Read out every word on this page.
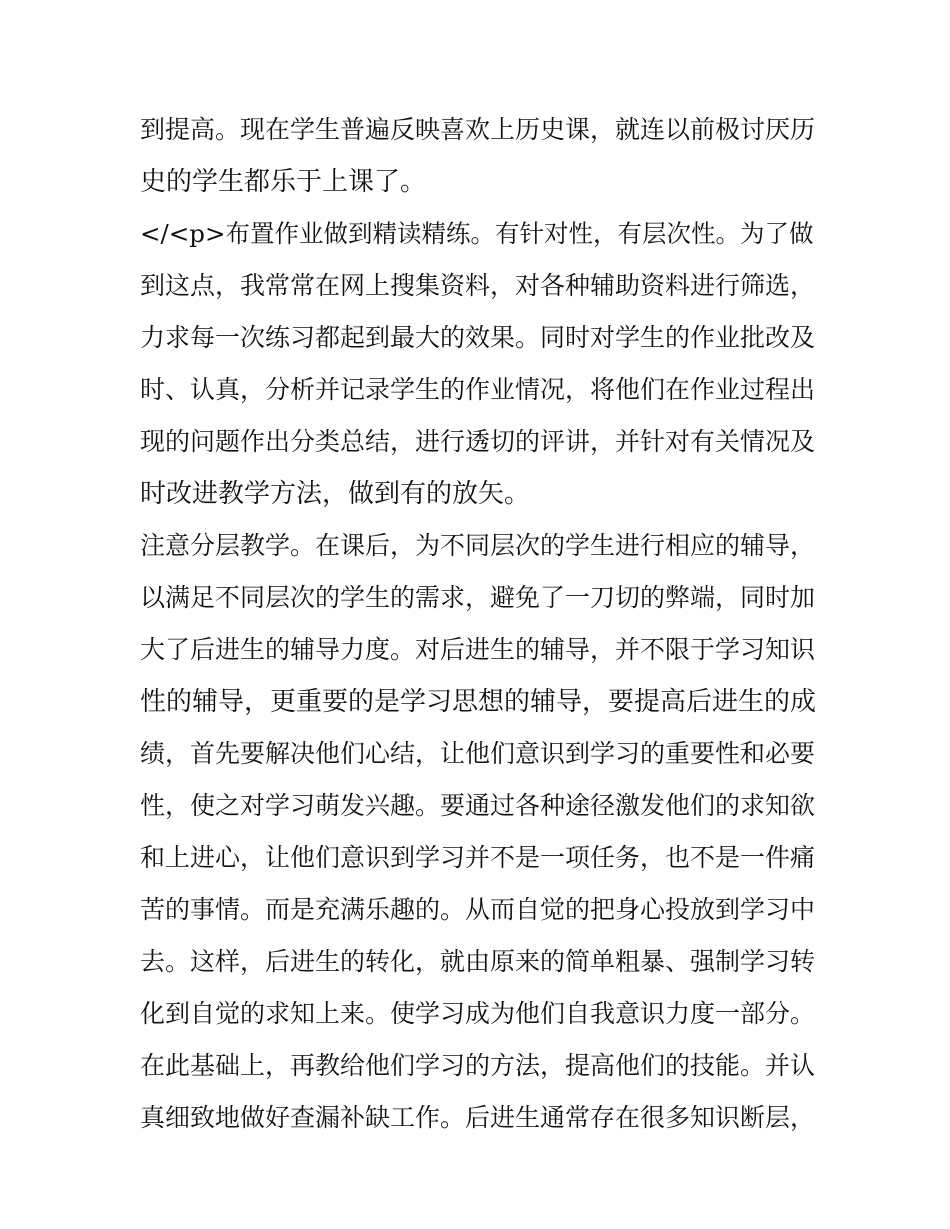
到提高。现在学生普遍反映喜欢上历史课，就连以前极讨厌历
史的学生都乐于上课了。
</<p>布置作业做到精读精练。有针对性，有层次性。为了做
到这点，我常常在网上搜集资料，对各种辅助资料进行筛选，
力求每一次练习都起到最大的效果。同时对学生的作业批改及
时、认真，分析并记录学生的作业情况，将他们在作业过程出
现的问题作出分类总结，进行透切的评讲，并针对有关情况及
时改进教学方法，做到有的放矢。
注意分层教学。在课后，为不同层次的学生进行相应的辅导，
以满足不同层次的学生的需求，避免了一刀切的弊端，同时加
大了后进生的辅导力度。对后进生的辅导，并不限于学习知识
性的辅导，更重要的是学习思想的辅导，要提高后进生的成
绩，首先要解决他们心结，让他们意识到学习的重要性和必要
性，使之对学习萌发兴趣。要通过各种途径激发他们的求知欲
和上进心，让他们意识到学习并不是一项任务，也不是一件痛
苦的事情。而是充满乐趣的。从而自觉的把身心投放到学习中
去。这样，后进生的转化，就由原来的简单粗暴、强制学习转
化到自觉的求知上来。使学习成为他们自我意识力度一部分。
在此基础上，再教给他们学习的方法，提高他们的技能。并认
真细致地做好查漏补缺工作。后进生通常存在很多知识断层，
